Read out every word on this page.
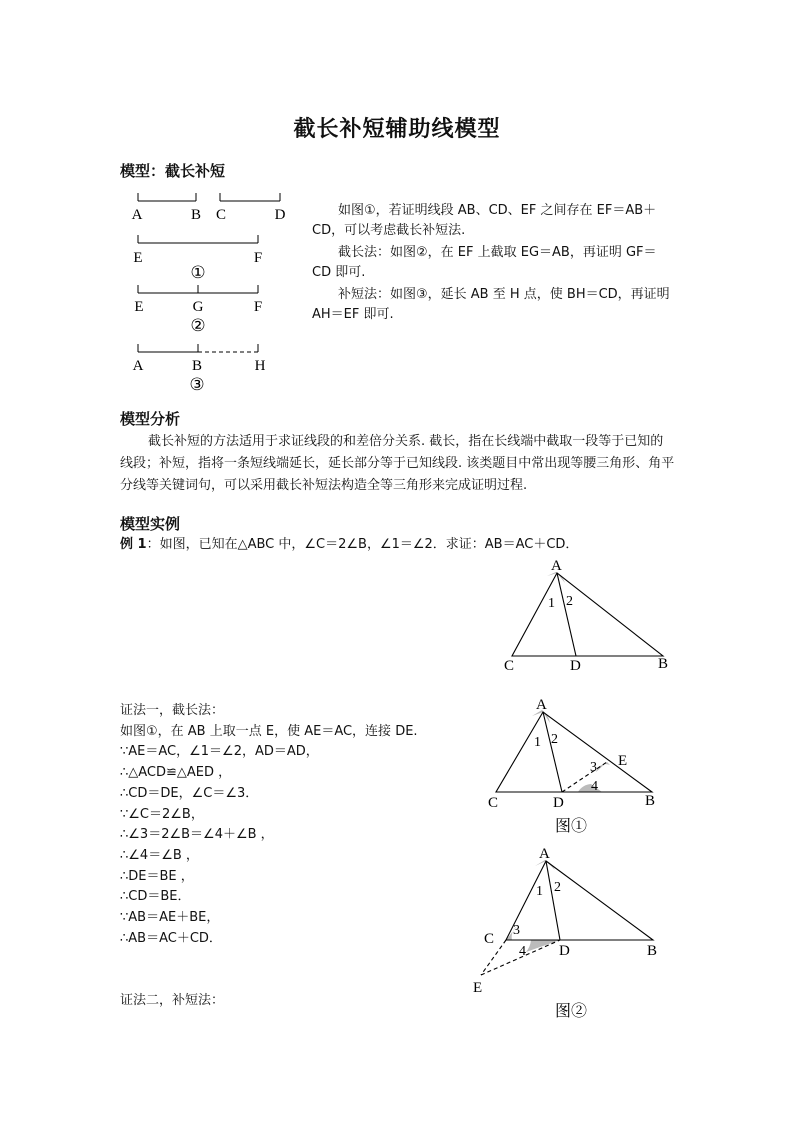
截长补短辅助线模型
模型：截长补短
A	B C	D
E	F
①
E	G	F
②
A	B	H
③
如图①，若证明线段 AB、CD、EF 之间存在 EF＝AB＋CD，可以考虑截长补短法.
截长法：如图②，在 EF 上截取 EG＝AB，再证明 GF＝CD 即可.
补短法：如图③，延长 AB 至 H 点，使 BH＝CD，再证明 AH＝EF 即可.
模型分析
截长补短的方法适用于求证线段的和差倍分关系. 截长，指在长线端中截取一段等于已知的线段；补短，指将一条短线端延长，延长部分等于已知线段. 该类题目中常出现等腰三角形、角平分线等关键词句，可以采用截长补短法构造全等三角形来完成证明过程.
模型实例
例 1：如图，已知在△ABC 中，∠C＝2∠B，∠1＝∠2．求证：AB＝AC＋CD．
A
C	D	B
1 2
证法一，截长法：
如图①，在 AB 上取一点 E，使 AE＝AC，连接 DE.
∵AE＝AC，∠1＝∠2，AD＝AD，
∴△ACD≌△AED ，
∴CD＝DE，∠C＝∠3．
∵∠C＝2∠B，
∴∠3＝2∠B＝∠4＋∠B ，
∴∠4＝∠B ，
∴DE＝BE ，
∴CD＝BE．
∵AB＝AE＋BE，
∴AB＝AC＋CD．
A
C	D	B
E
1 2
3
4
图①
A
C
D	B
E
1 2
3
4
图②
证法二，补短法：
